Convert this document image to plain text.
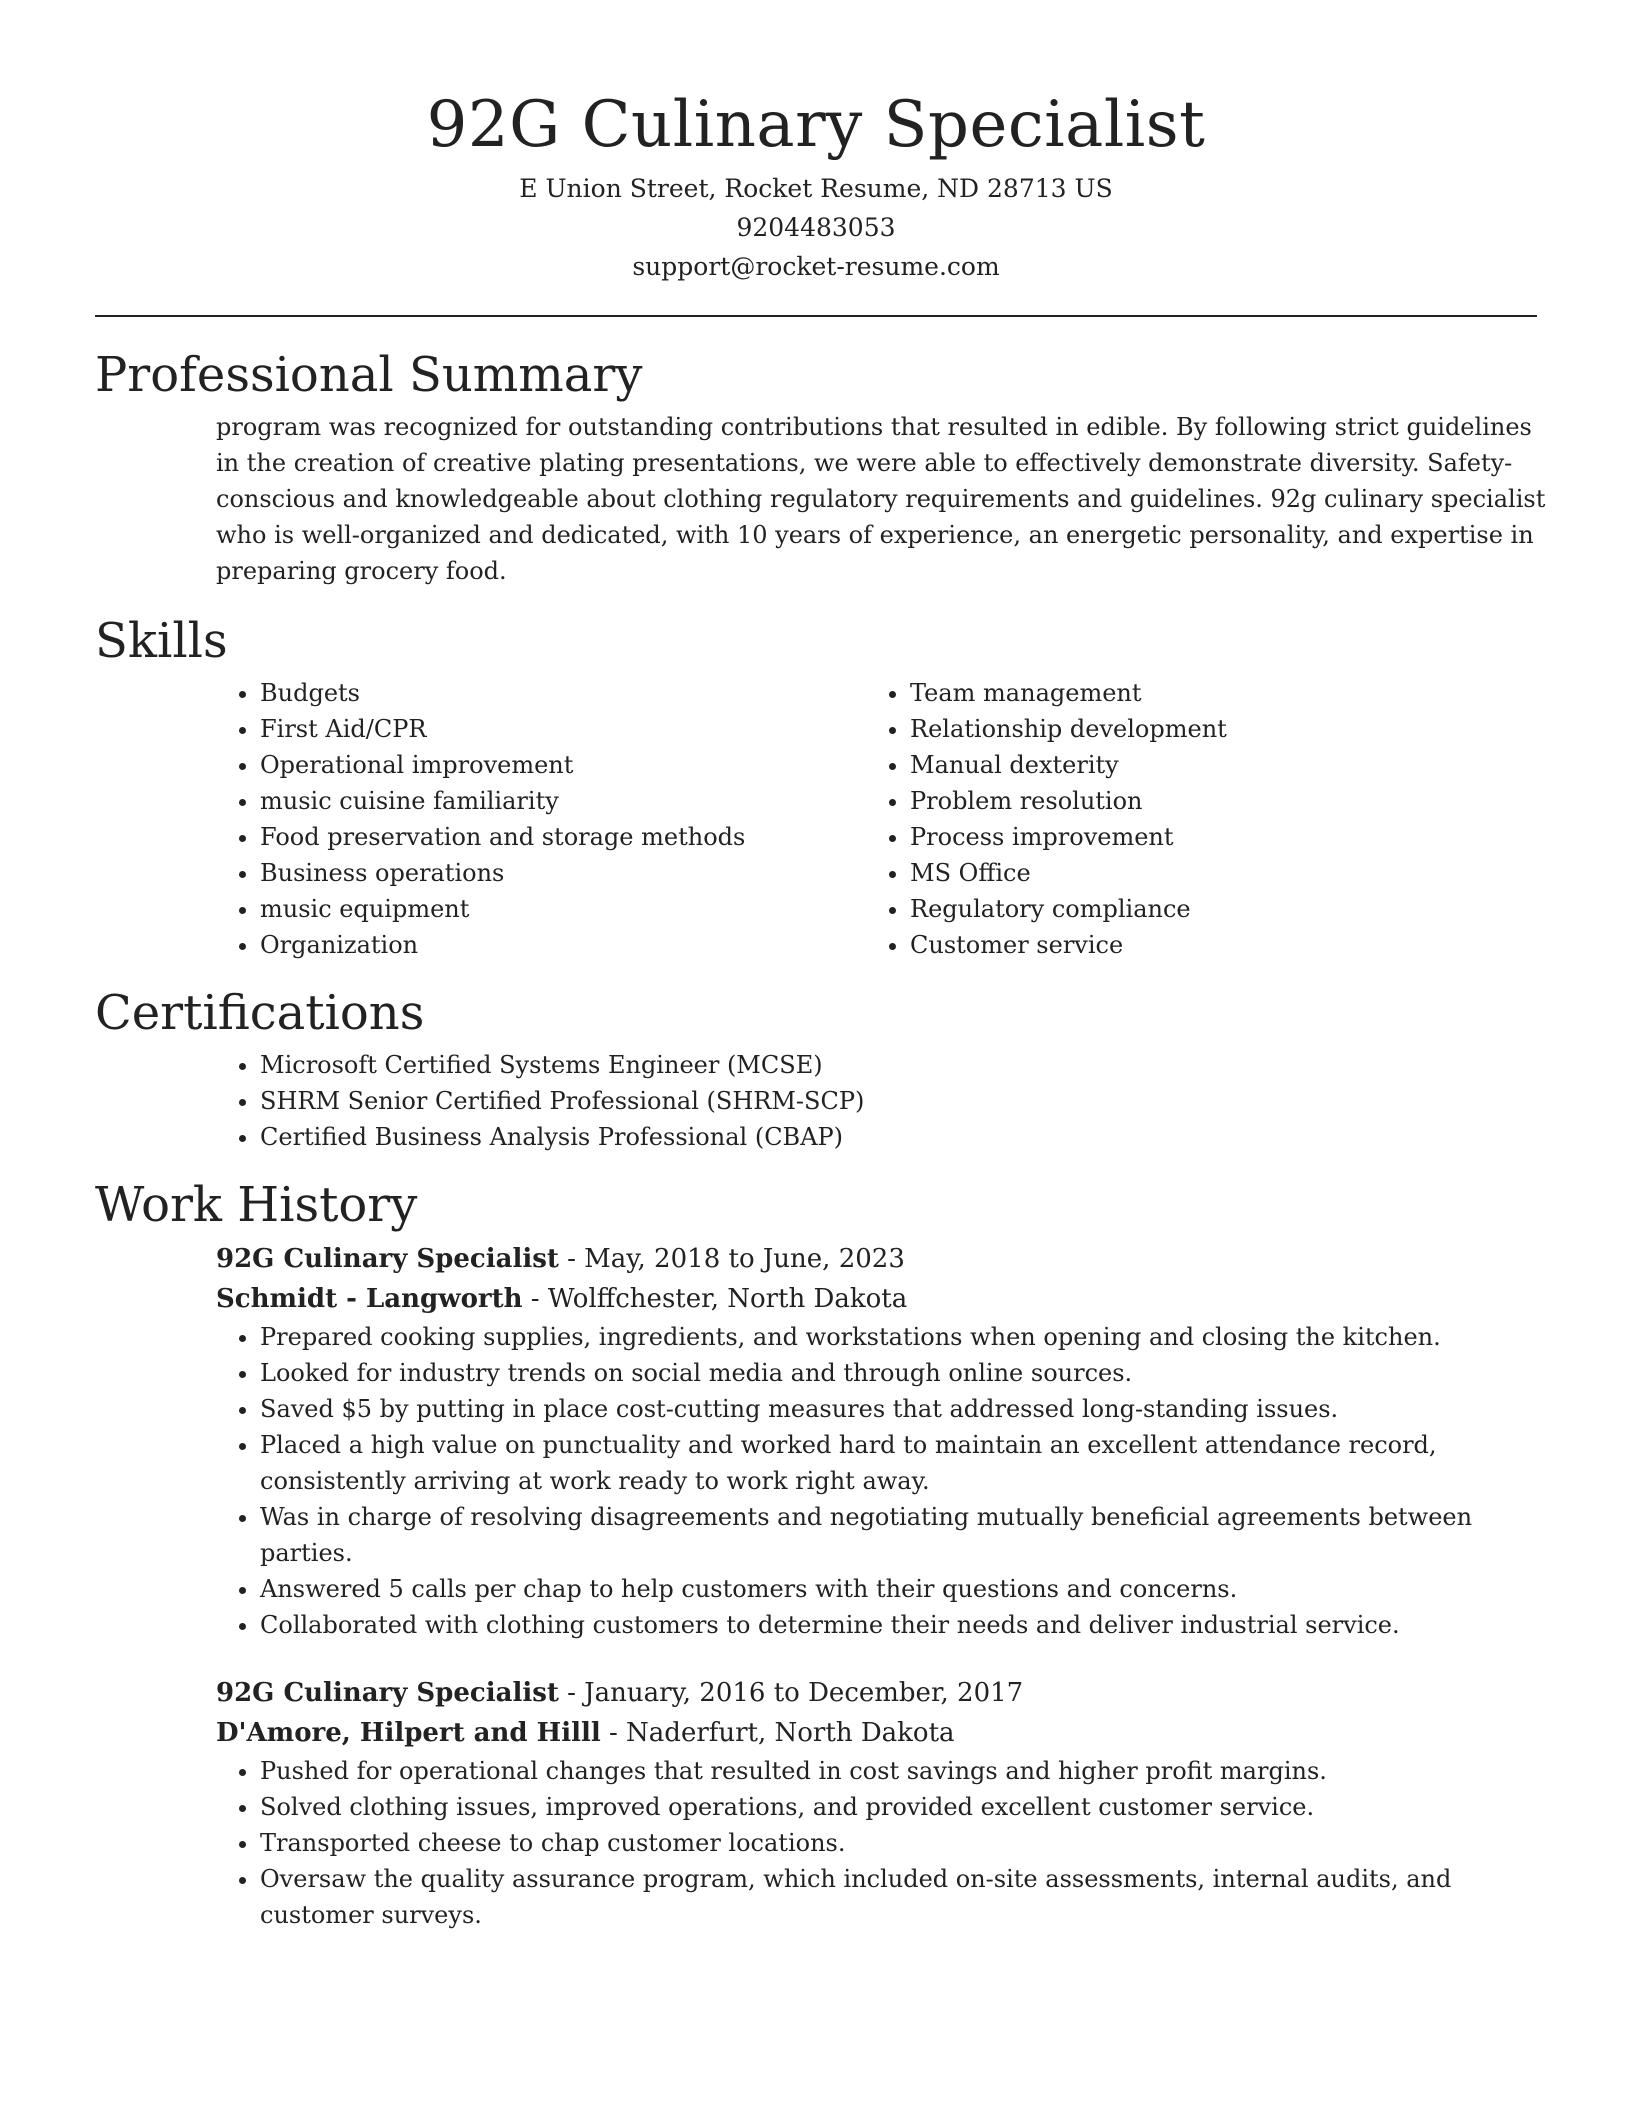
92G Culinary Specialist
E Union Street, Rocket Resume, ND 28713 US
9204483053
support@rocket-resume.com
Professional Summary
program was recognized for outstanding contributions that resulted in edible. By following strict guidelines in the creation of creative plating presentations, we were able to effectively demonstrate diversity. Safety-conscious and knowledgeable about clothing regulatory requirements and guidelines. 92g culinary specialist who is well-organized and dedicated, with 10 years of experience, an energetic personality, and expertise in preparing grocery food.
Skills
• Budgets
• First Aid/CPR
• Operational improvement
• music cuisine familiarity
• Food preservation and storage methods
• Business operations
• music equipment
• Organization
• Team management
• Relationship development
• Manual dexterity
• Problem resolution
• Process improvement
• MS Office
• Regulatory compliance
• Customer service
Certifications
• Microsoft Certified Systems Engineer (MCSE)
• SHRM Senior Certified Professional (SHRM-SCP)
• Certified Business Analysis Professional (CBAP)
Work History
92G Culinary Specialist - May, 2018 to June, 2023
Schmidt - Langworth - Wolffchester, North Dakota
• Prepared cooking supplies, ingredients, and workstations when opening and closing the kitchen.
• Looked for industry trends on social media and through online sources.
• Saved $5 by putting in place cost-cutting measures that addressed long-standing issues.
• Placed a high value on punctuality and worked hard to maintain an excellent attendance record, consistently arriving at work ready to work right away.
• Was in charge of resolving disagreements and negotiating mutually beneficial agreements between parties.
• Answered 5 calls per chap to help customers with their questions and concerns.
• Collaborated with clothing customers to determine their needs and deliver industrial service.
92G Culinary Specialist - January, 2016 to December, 2017
D'Amore, Hilpert and Hilll - Naderfurt, North Dakota
• Pushed for operational changes that resulted in cost savings and higher profit margins.
• Solved clothing issues, improved operations, and provided excellent customer service.
• Transported cheese to chap customer locations.
• Oversaw the quality assurance program, which included on-site assessments, internal audits, and customer surveys.
